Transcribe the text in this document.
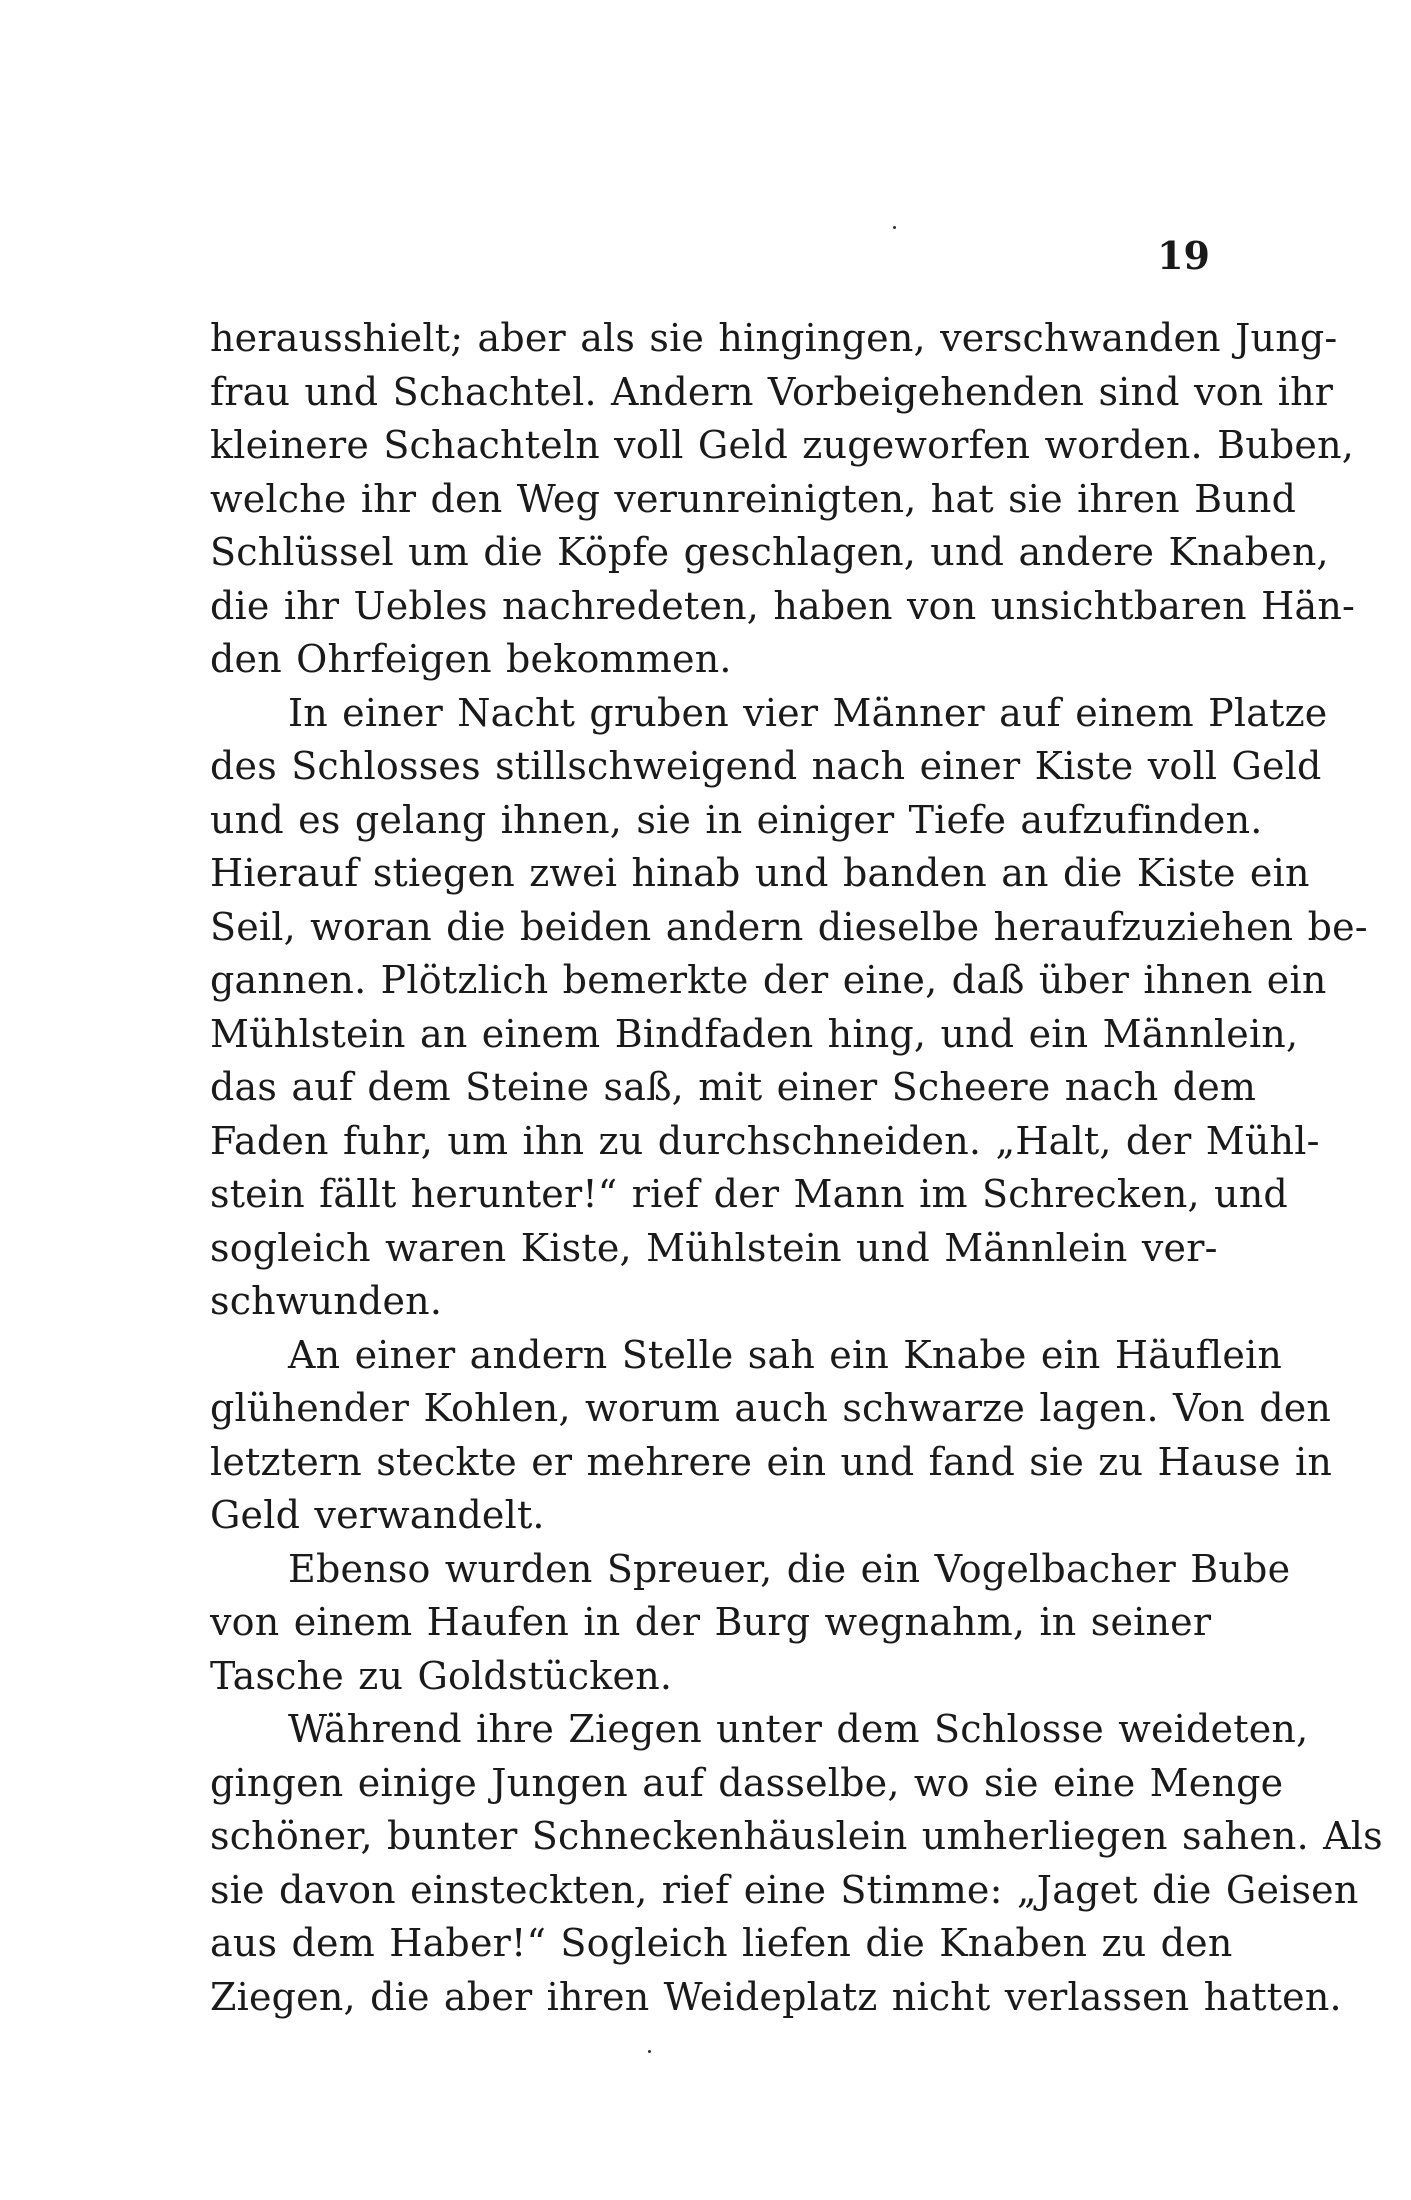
19

herausshielt; aber als sie hingingen, verschwanden Jung-
frau und Schachtel. Andern Vorbeigehenden sind von ihr
kleinere Schachteln voll Geld zugeworfen worden. Buben,
welche ihr den Weg verunreinigten, hat sie ihren Bund
Schlüssel um die Köpfe geschlagen, und andere Knaben,
die ihr Uebles nachredeten, haben von unsichtbaren Hän-
den Ohrfeigen bekommen.

In einer Nacht gruben vier Männer auf einem Platze
des Schlosses stillschweigend nach einer Kiste voll Geld
und es gelang ihnen, sie in einiger Tiefe aufzufinden.
Hierauf stiegen zwei hinab und banden an die Kiste ein
Seil, woran die beiden andern dieselbe heraufzuziehen be-
gannen. Plötzlich bemerkte der eine, daß über ihnen ein
Mühlstein an einem Bindfaden hing, und ein Männlein,
das auf dem Steine saß, mit einer Scheere nach dem
Faden fuhr, um ihn zu durchschneiden. „Halt, der Mühl-
stein fällt herunter!“ rief der Mann im Schrecken, und
sogleich waren Kiste, Mühlstein und Männlein ver-
schwunden.

An einer andern Stelle sah ein Knabe ein Häuflein
glühender Kohlen, worum auch schwarze lagen. Von den
letztern steckte er mehrere ein und fand sie zu Hause in
Geld verwandelt.

Ebenso wurden Spreuer, die ein Vogelbacher Bube
von einem Haufen in der Burg wegnahm, in seiner
Tasche zu Goldstücken.

Während ihre Ziegen unter dem Schlosse weideten,
gingen einige Jungen auf dasselbe, wo sie eine Menge
schöner, bunter Schneckenhäuslein umherliegen sahen. Als
sie davon einsteckten, rief eine Stimme: „Jaget die Geisen
aus dem Haber!“ Sogleich liefen die Knaben zu den
Ziegen, die aber ihren Weideplatz nicht verlassen hatten.
